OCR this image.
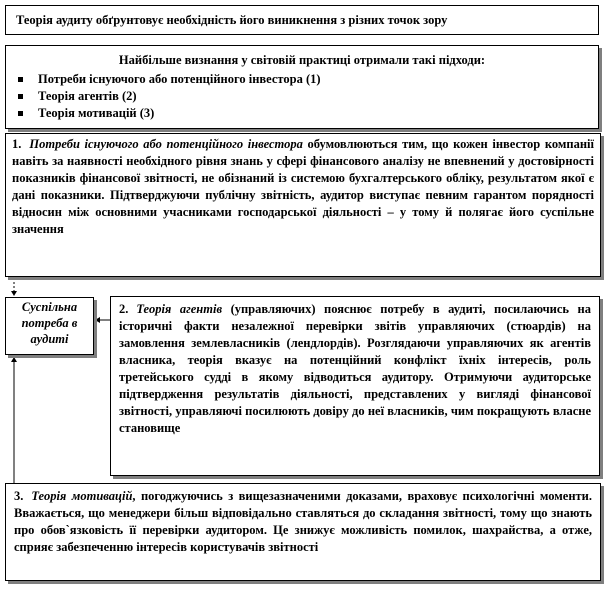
Теорія аудиту обґрунтовує необхідність його виникнення з різних точок зору
Найбільше визнання у світовій практиці отримали такі підходи:
Потреби існуючого або потенційного інвестора (1)
Теорія агентів (2)
Теорія мотивацій (3)
1. Потреби існуючого або потенційного інвестора обумовлюються тим, що кожен інвестор компанії навіть за наявності необхідного рівня знань у сфері фінансового аналізу не впевнений у достовірності показників фінансової звітності, не обізнаний із системою бухгалтерського обліку, результатом якої є дані показники. Підтверджуючи публічну звітність, аудитор виступає певним гарантом порядності відносин між основними учасниками господарської діяльності – у тому й полягає його суспільне значення
Суспільна потреба в аудиті
2. Теорія агентів (управляючих) пояснює потребу в аудиті, посилаючись на історичні факти незалежної перевірки звітів управляючих (стюардів) на замовлення землевласників (лендлордів). Розглядаючи управляючих як агентів власника, теорія вказує на потенційний конфлікт їхніх інтересів, роль третейського судді в якому відводиться аудитору. Отримуючи аудиторське підтвердження результатів діяльності, представлених у вигляді фінансової звітності, управляючі посилюють довіру до неї власників, чим покращують власне становище
3. Теорія мотивацій, погоджуючись з вищезазначеними доказами, враховує психологічні моменти. Вважається, що менеджери більш відповідально ставляться до складання звітності, тому що знають про обов`язковість її перевірки аудитором. Це знижує можливість помилок, шахрайства, а отже, сприяє забезпеченню інтересів користувачів звітності
